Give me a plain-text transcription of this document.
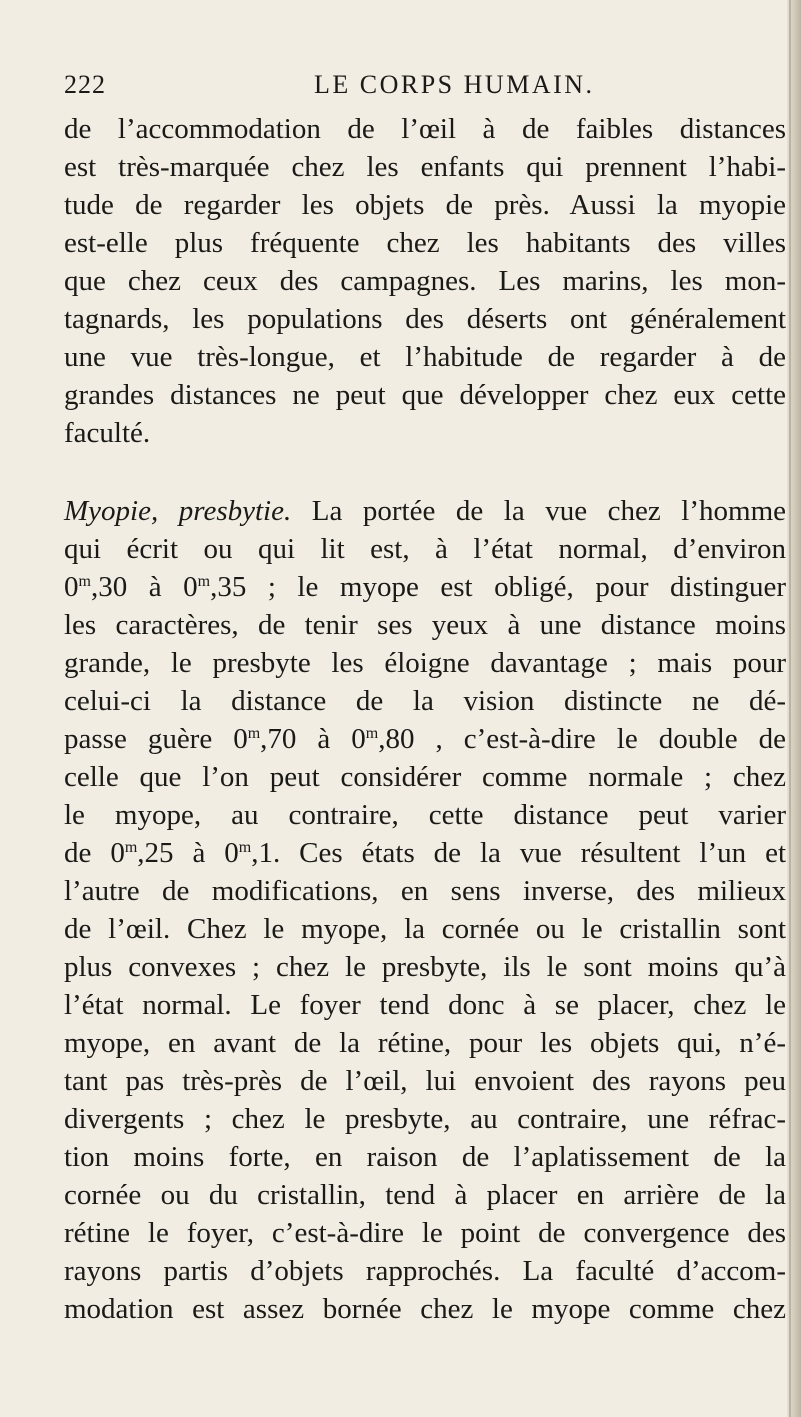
222	LE CORPS HUMAIN.
de l’accommodation de l’œil à de faibles distances
est très-marquée chez les enfants qui prennent l’habi-
tude de regarder les objets de près. Aussi la myopie
est-elle plus fréquente chez les habitants des villes
que chez ceux des campagnes. Les marins, les mon-
tagnards, les populations des déserts ont généralement
une vue très-longue, et l’habitude de regarder à de
grandes distances ne peut que développer chez eux cette
faculté.
Myopie, presbytie. La portée de la vue chez l’homme
qui écrit ou qui lit est, à l’état normal, d’environ
0$^m$,30 à 0$^m$,35 ; le myope est obligé, pour distinguer
les caractères, de tenir ses yeux à une distance moins
grande, le presbyte les éloigne davantage ; mais pour
celui-ci la distance de la vision distincte ne dé-
passe guère 0$^m$,70 à 0$^m$,80 , c’est-à-dire le double de
celle que l’on peut considérer comme normale ; chez
le myope, au contraire, cette distance peut varier
de 0$^m$,25 à 0$^m$,1. Ces états de la vue résultent l’un et
l’autre de modifications, en sens inverse, des milieux
de l’œil. Chez le myope, la cornée ou le cristallin sont
plus convexes ; chez le presbyte, ils le sont moins qu’à
l’état normal. Le foyer tend donc à se placer, chez le
myope, en avant de la rétine, pour les objets qui, n’é-
tant pas très-près de l’œil, lui envoient des rayons peu
divergents ; chez le presbyte, au contraire, une réfrac-
tion moins forte, en raison de l’aplatissement de la
cornée ou du cristallin, tend à placer en arrière de la
rétine le foyer, c’est-à-dire le point de convergence des
rayons partis d’objets rapprochés. La faculté d’accom-
modation est assez bornée chez le myope comme chez
